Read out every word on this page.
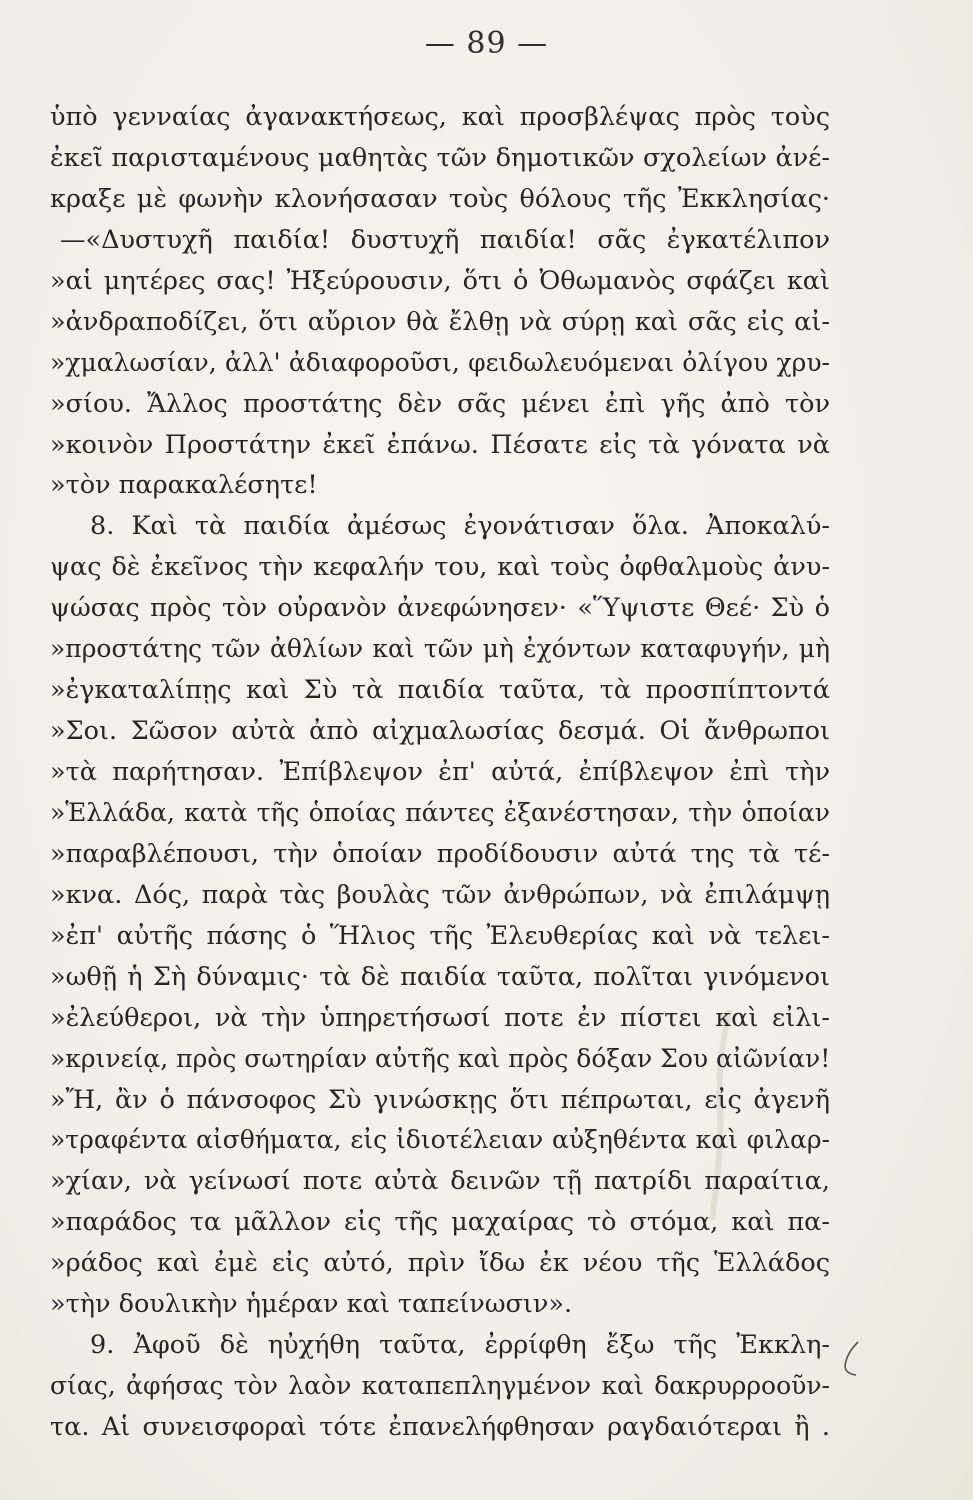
— 89 —
ὑπὸ γενναίας ἀγανακτήσεως, καὶ προσβλέψας πρὸς τοὺς
ἐκεῖ παρισταμένους μαθητὰς τῶν δημοτικῶν σχολείων ἀνέ-
κραξε μὲ φωνὴν κλονήσασαν τοὺς θόλους τῆς Ἐκκλησίας·
—«Δυστυχῆ παιδία! δυστυχῆ παιδία! σᾶς ἐγκατέλιπον
»αἱ μητέρες σας! Ἠξεύρουσιν, ὅτι ὁ Ὀθωμανὸς σφάζει καὶ
»ἀνδραποδίζει, ὅτι αὔριον θὰ ἔλθῃ νὰ σύρῃ καὶ σᾶς εἰς αἰ-
»χμαλωσίαν, ἀλλ' ἀδιαφοροῦσι, φειδωλευόμεναι ὀλίγου χρυ-
»σίου. Ἄλλος προστάτης δὲν σᾶς μένει ἐπὶ γῆς ἀπὸ τὸν
»κοινὸν Προστάτην ἐκεῖ ἐπάνω. Πέσατε εἰς τὰ γόνατα νὰ
»τὸν παρακαλέσητε!
8. Καὶ τὰ παιδία ἀμέσως ἐγονάτισαν ὅλα. Ἀποκαλύ-
ψας δὲ ἐκεῖνος τὴν κεφαλήν του, καὶ τοὺς ὀφθαλμοὺς ἀνυ-
ψώσας πρὸς τὸν οὐρανὸν ἀνεφώνησεν· «Ὕψιστε Θεέ· Σὺ ὁ
»προστάτης τῶν ἀθλίων καὶ τῶν μὴ ἐχόντων καταφυγήν, μὴ
»ἐγκαταλίπῃς καὶ Σὺ τὰ παιδία ταῦτα, τὰ προσπίπτοντά
»Σοι. Σῶσον αὐτὰ ἀπὸ αἰχμαλωσίας δεσμά. Οἱ ἄνθρωποι
»τὰ παρήτησαν. Ἐπίβλεψον ἐπ' αὐτά, ἐπίβλεψον ἐπὶ τὴν
»Ἑλλάδα, κατὰ τῆς ὁποίας πάντες ἐξανέστησαν, τὴν ὁποίαν
»παραβλέπουσι, τὴν ὁποίαν προδίδουσιν αὐτά της τὰ τέ-
»κνα. Δός, παρὰ τὰς βουλὰς τῶν ἀνθρώπων, νὰ ἐπιλάμψῃ
»ἐπ' αὐτῆς πάσης ὁ Ἥλιος τῆς Ἐλευθερίας καὶ νὰ τελει-
»ωθῇ ἡ Σὴ δύναμις· τὰ δὲ παιδία ταῦτα, πολῖται γινόμενοι
»ἐλεύθεροι, νὰ τὴν ὑπηρετήσωσί ποτε ἐν πίστει καὶ εἰλι-
»κρινείᾳ, πρὸς σωτηρίαν αὐτῆς καὶ πρὸς δόξαν Σου αἰῶνίαν!
»Ἤ, ἂν ὁ πάνσοφος Σὺ γινώσκῃς ὅτι πέπρωται, εἰς ἀγενῆ
»τραφέντα αἰσθήματα, εἰς ἰδιοτέλειαν αὐξηθέντα καὶ φιλαρ-
»χίαν, νὰ γείνωσί ποτε αὐτὰ δεινῶν τῇ πατρίδι παραίτια,
»παράδος τα μᾶλλον εἰς τῆς μαχαίρας τὸ στόμα, καὶ πα-
»ράδος καὶ ἐμὲ εἰς αὐτό, πρὶν ἴδω ἐκ νέου τῆς Ἑλλάδος
»τὴν δουλικὴν ἡμέραν καὶ ταπείνωσιν».
9. Ἀφοῦ δὲ ηὐχήθη ταῦτα, ἐρρίφθη ἔξω τῆς Ἐκκλη-
σίας, ἀφήσας τὸν λαὸν καταπεπληγμένον καὶ δακρυρροοῦν-
τα. Αἱ συνεισφοραὶ τότε ἐπανελήφθησαν ραγδαιότεραι ἢ .
